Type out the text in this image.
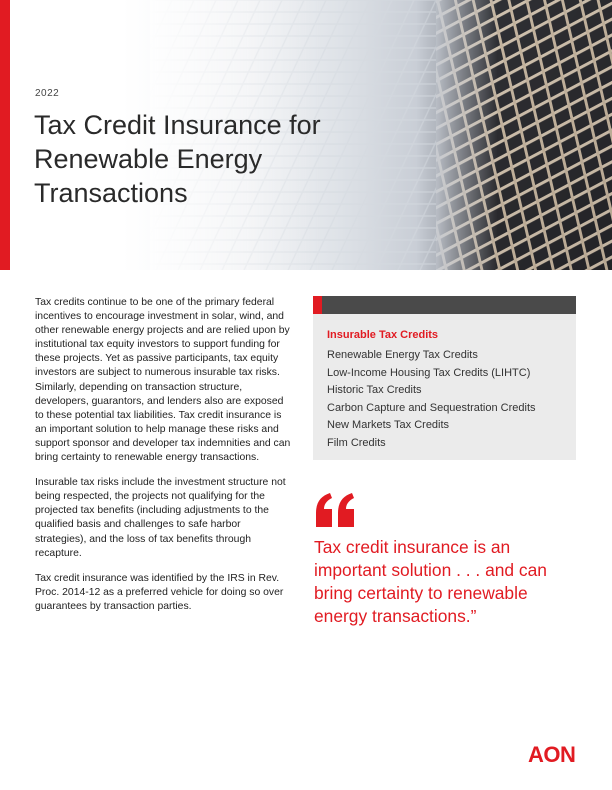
2022
Tax Credit Insurance for Renewable Energy Transactions

Tax credits continue to be one of the primary federal incentives to encourage investment in solar, wind, and other renewable energy projects and are relied upon by institutional tax equity investors to support funding for these projects. Yet as passive participants, tax equity investors are subject to numerous insurable tax risks. Similarly, depending on transaction structure, developers, guarantors, and lenders also are exposed to these potential tax liabilities. Tax credit insurance is an important solution to help manage these risks and support sponsor and developer tax indemnities and can bring certainty to renewable energy transactions.

Insurable tax risks include the investment structure not being respected, the projects not qualifying for the projected tax benefits (including adjustments to the qualified basis and challenges to safe harbor strategies), and the loss of tax benefits through recapture.

Tax credit insurance was identified by the IRS in Rev. Proc. 2014-12 as a preferred vehicle for doing so over guarantees by transaction parties.

Insurable Tax Credits
Renewable Energy Tax Credits
Low-Income Housing Tax Credits (LIHTC)
Historic Tax Credits
Carbon Capture and Sequestration Credits
New Markets Tax Credits
Film Credits
Tax credit insurance is an important solution . . . and can bring certainty to renewable energy transactions.”
AON
